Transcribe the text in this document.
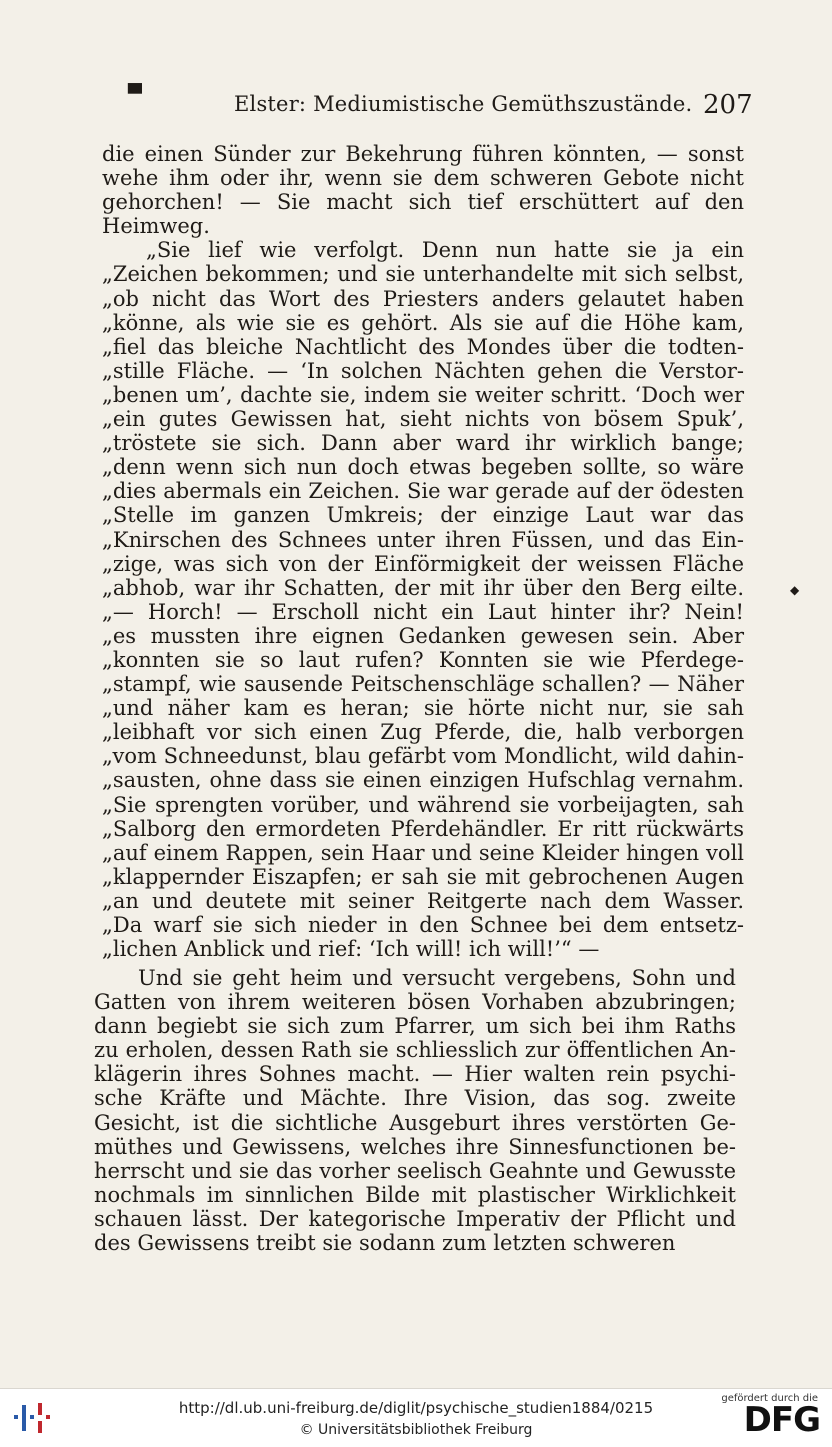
▀
◆
Elster: Mediumistische Gemüthszustände. 207
die einen Sünder zur Bekehrung führen könnten, — sonst
wehe ihm oder ihr, wenn sie dem schweren Gebote nicht
gehorchen! — Sie macht sich tief erschüttert auf den
Heimweg.
„Sie lief wie verfolgt. Denn nun hatte sie ja ein
„Zeichen bekommen; und sie unterhandelte mit sich selbst,
„ob nicht das Wort des Priesters anders gelautet haben
„könne, als wie sie es gehört. Als sie auf die Höhe kam,
„fiel das bleiche Nachtlicht des Mondes über die todten-
„stille Fläche. — ‘In solchen Nächten gehen die Verstor-
„benen um’, dachte sie, indem sie weiter schritt. ‘Doch wer
„ein gutes Gewissen hat, sieht nichts von bösem Spuk’,
„tröstete sie sich. Dann aber ward ihr wirklich bange;
„denn wenn sich nun doch etwas begeben sollte, so wäre
„dies abermals ein Zeichen. Sie war gerade auf der ödesten
„Stelle im ganzen Umkreis; der einzige Laut war das
„Knirschen des Schnees unter ihren Füssen, und das Ein-
„zige, was sich von der Einförmigkeit der weissen Fläche
„abhob, war ihr Schatten, der mit ihr über den Berg eilte.
„— Horch! — Erscholl nicht ein Laut hinter ihr? Nein!
„es mussten ihre eignen Gedanken gewesen sein. Aber
„konnten sie so laut rufen? Konnten sie wie Pferdege-
„stampf, wie sausende Peitschenschläge schallen? — Näher
„und näher kam es heran; sie hörte nicht nur, sie sah
„leibhaft vor sich einen Zug Pferde, die, halb verborgen
„vom Schneedunst, blau gefärbt vom Mondlicht, wild dahin-
„sausten, ohne dass sie einen einzigen Hufschlag vernahm.
„Sie sprengten vorüber, und während sie vorbeijagten, sah
„Salborg den ermordeten Pferdehändler. Er ritt rückwärts
„auf einem Rappen, sein Haar und seine Kleider hingen voll
„klappernder Eiszapfen; er sah sie mit gebrochenen Augen
„an und deutete mit seiner Reitgerte nach dem Wasser.
„Da warf sie sich nieder in den Schnee bei dem entsetz-
„lichen Anblick und rief: ‘Ich will! ich will!’“ —
Und sie geht heim und versucht vergebens, Sohn und
Gatten von ihrem weiteren bösen Vorhaben abzubringen;
dann begiebt sie sich zum Pfarrer, um sich bei ihm Raths
zu erholen, dessen Rath sie schliesslich zur öffentlichen An-
klägerin ihres Sohnes macht. — Hier walten rein psychi-
sche Kräfte und Mächte. Ihre Vision, das sog. zweite
Gesicht, ist die sichtliche Ausgeburt ihres verstörten Ge-
müthes und Gewissens, welches ihre Sinnesfunctionen be-
herrscht und sie das vorher seelisch Geahnte und Gewusste
nochmals im sinnlichen Bilde mit plastischer Wirklichkeit
schauen lässt. Der kategorische Imperativ der Pflicht und
des Gewissens treibt sie sodann zum letzten schweren
http://dl.ub.uni-freiburg.de/diglit/psychische_studien1884/0215
© Universitätsbibliothek Freiburg
gefördert durch die
DFG
